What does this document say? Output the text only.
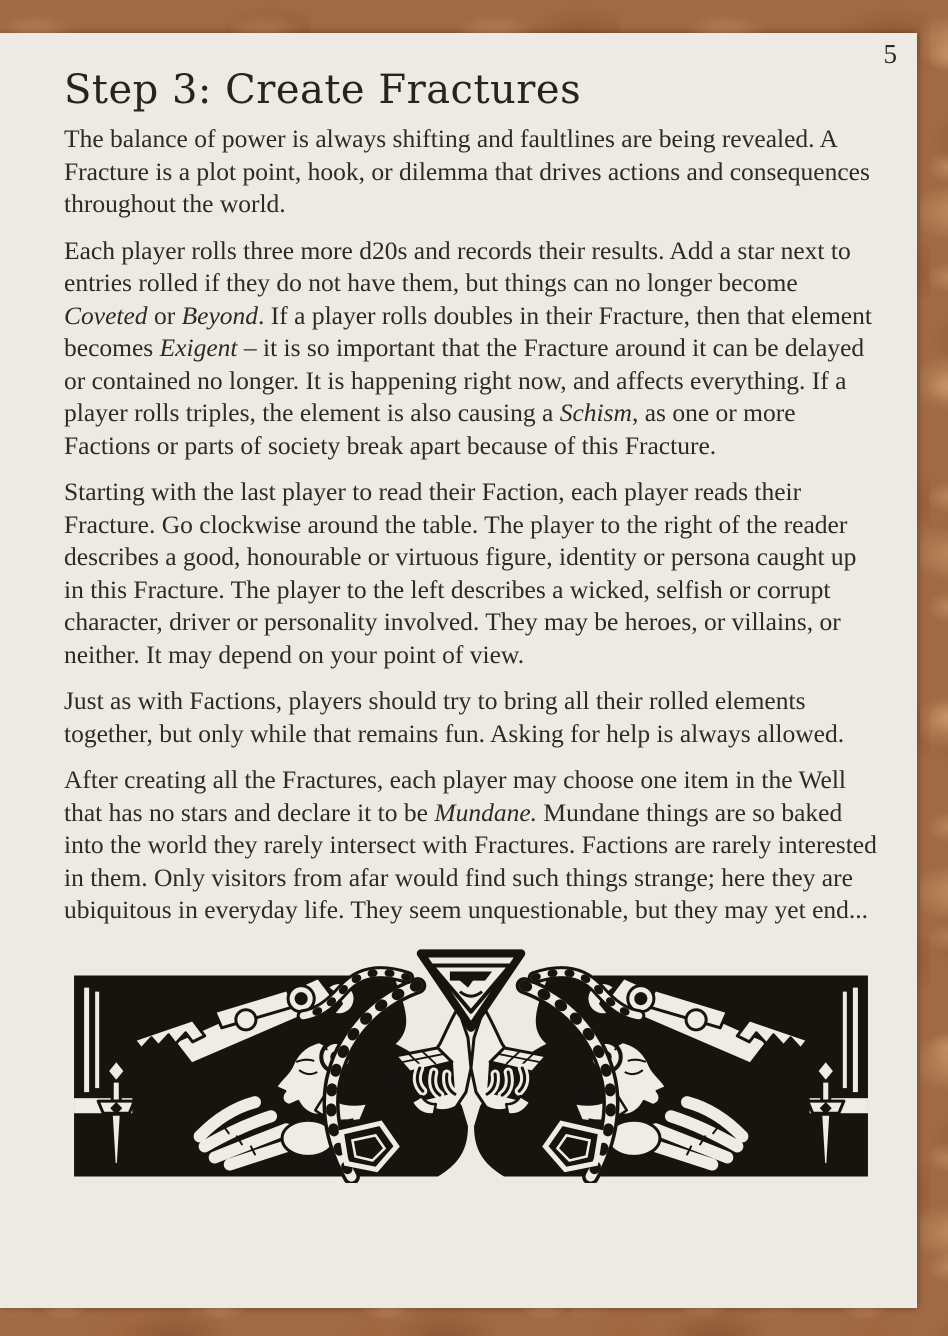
5
Step 3: Create Fractures

The balance of power is always shifting and faultlines are being revealed. A Fracture is a plot point, hook, or dilemma that drives actions and consequences throughout the world.

Each player rolls three more d20s and records their results. Add a star next to entries rolled if they do not have them, but things can no longer become Coveted or Beyond. If a player rolls doubles in their Fracture, then that element becomes Exigent – it is so important that the Fracture around it can be delayed or contained no longer. It is happening right now, and affects everything. If a player rolls triples, the element is also causing a Schism, as one or more Factions or parts of society break apart because of this Fracture.

Starting with the last player to read their Faction, each player reads their Fracture. Go clockwise around the table. The player to the right of the reader describes a good, honourable or virtuous figure, identity or persona caught up in this Fracture. The player to the left describes a wicked, selfish or corrupt character, driver or personality involved. They may be heroes, or villains, or neither. It may depend on your point of view.

Just as with Factions, players should try to bring all their rolled elements together, but only while that remains fun. Asking for help is always allowed.

After creating all the Fractures, each player may choose one item in the Well that has no stars and declare it to be Mundane. Mundane things are so baked into the world they rarely intersect with Fractures. Factions are rarely interested in them. Only visitors from afar would find such things strange; here they are ubiquitous in everyday life. They seem unquestionable, but they may yet end...
